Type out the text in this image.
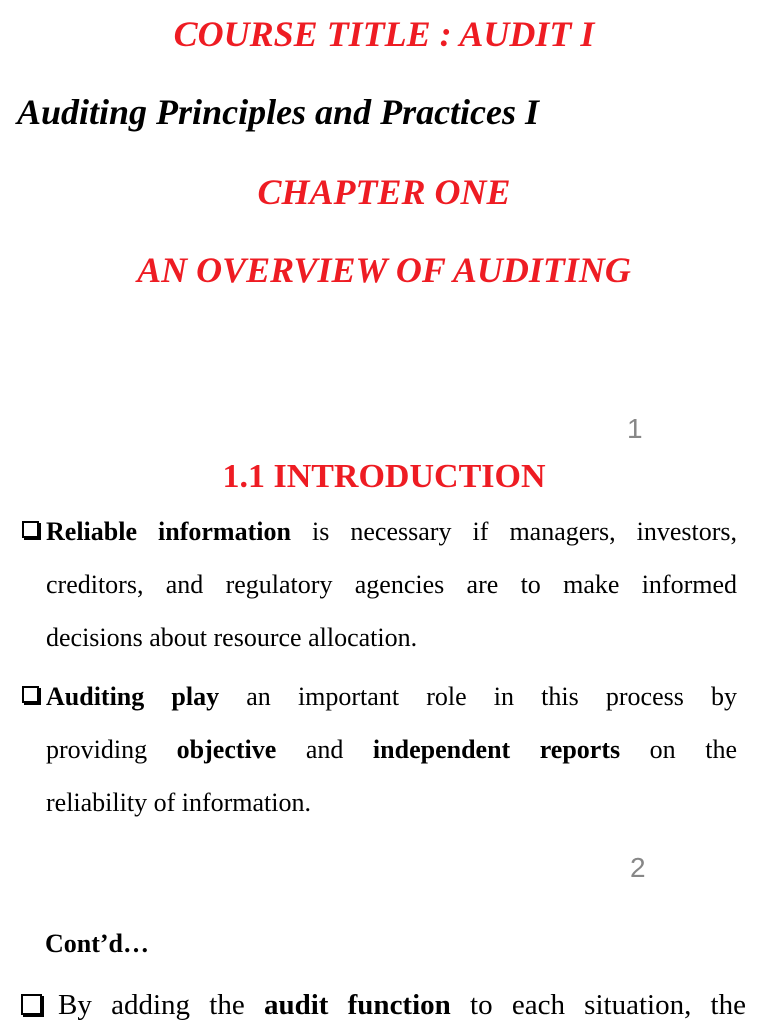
COURSE TITLE : AUDIT I
Auditing Principles and Practices I
CHAPTER ONE
AN OVERVIEW OF AUDITING
1
1.1 INTRODUCTION
Reliable information is necessary if managers, investors,
creditors, and regulatory agencies are to make informed
decisions about resource allocation.
Auditing play an important role in this process by
providing objective and independent reports on the
reliability of information.
2
Cont’d…
By adding the audit function to each situation, the
